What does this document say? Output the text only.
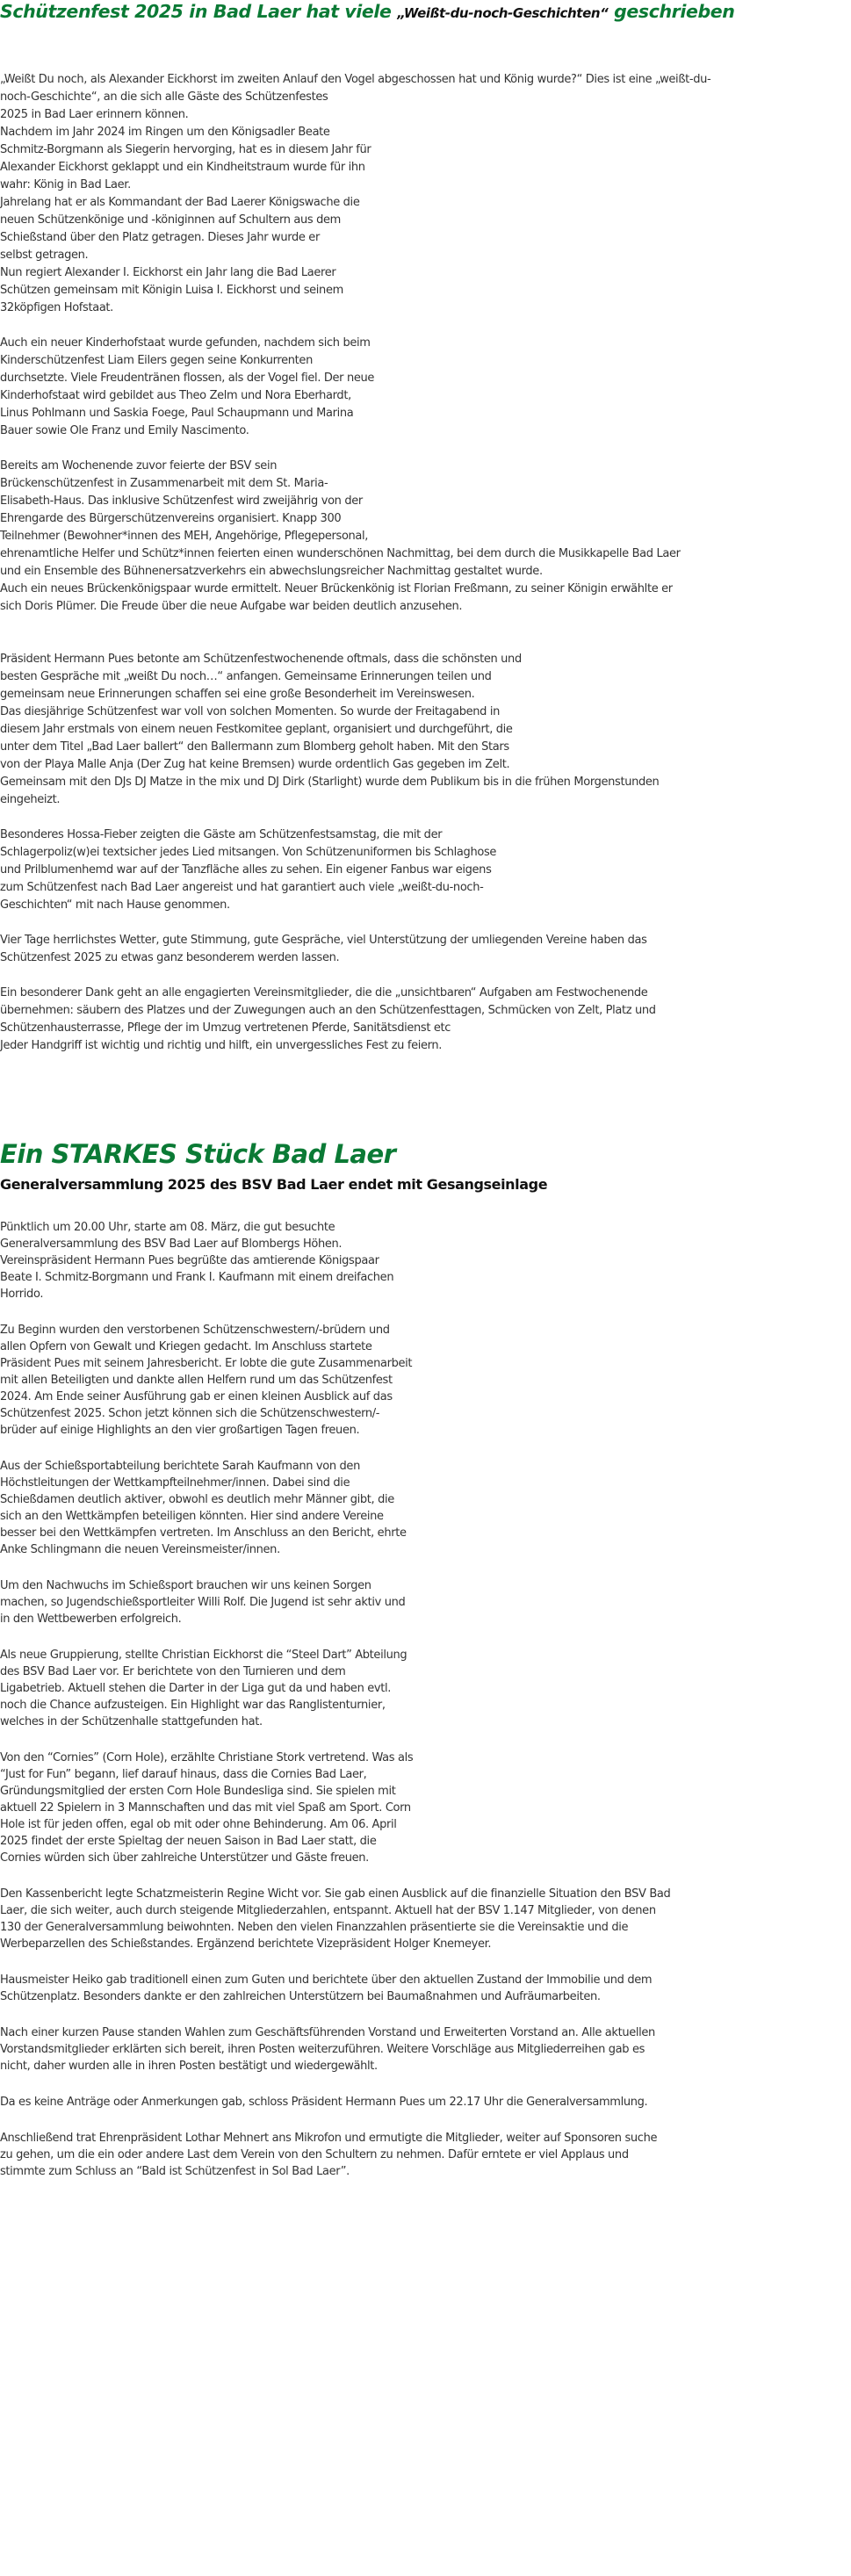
Schützenfest 2025 in Bad Laer hat viele „Weißt-du-noch-Geschichten“ geschrieben

„Weißt Du noch, als Alexander Eickhorst im zweiten Anlauf den Vogel abgeschossen hat und König wurde?“ Dies ist eine „weißt-du-
noch-Geschichte“, an die sich alle Gäste des Schützenfestes
2025 in Bad Laer erinnern können.
Nachdem im Jahr 2024 im Ringen um den Königsadler Beate
Schmitz-Borgmann als Siegerin hervorging, hat es in diesem Jahr für
Alexander Eickhorst geklappt und ein Kindheitstraum wurde für ihn
wahr: König in Bad Laer.
Jahrelang hat er als Kommandant der Bad Laerer Königswache die
neuen Schützenkönige und -königinnen auf Schultern aus dem
Schießstand über den Platz getragen. Dieses Jahr wurde er
selbst getragen.
Nun regiert Alexander I. Eickhorst ein Jahr lang die Bad Laerer
Schützen gemeinsam mit Königin Luisa I. Eickhorst und seinem
32köpfigen Hofstaat.

Auch ein neuer Kinderhofstaat wurde gefunden, nachdem sich beim
Kinderschützenfest Liam Eilers gegen seine Konkurrenten
durchsetzte. Viele Freudentränen flossen, als der Vogel fiel. Der neue
Kinderhofstaat wird gebildet aus Theo Zelm und Nora Eberhardt,
Linus Pohlmann und Saskia Foege, Paul Schaupmann und Marina
Bauer sowie Ole Franz und Emily Nascimento.

Bereits am Wochenende zuvor feierte der BSV sein
Brückenschützenfest in Zusammenarbeit mit dem St. Maria-
Elisabeth-Haus. Das inklusive Schützenfest wird zweijährig von der
Ehrengarde des Bürgerschützenvereins organisiert. Knapp 300
Teilnehmer (Bewohner*innen des MEH, Angehörige, Pflegepersonal,
ehrenamtliche Helfer und Schütz*innen feierten einen wunderschönen Nachmittag, bei dem durch die Musikkapelle Bad Laer
und ein Ensemble des Bühnenersatzverkehrs ein abwechslungsreicher Nachmittag gestaltet wurde.
Auch ein neues Brückenkönigspaar wurde ermittelt. Neuer Brückenkönig ist Florian Freßmann, zu seiner Königin erwählte er
sich Doris Plümer. Die Freude über die neue Aufgabe war beiden deutlich anzusehen.

Präsident Hermann Pues betonte am Schützenfestwochenende oftmals, dass die schönsten und
besten Gespräche mit „weißt Du noch…“ anfangen. Gemeinsame Erinnerungen teilen und
gemeinsam neue Erinnerungen schaffen sei eine große Besonderheit im Vereinswesen.
Das diesjährige Schützenfest war voll von solchen Momenten. So wurde der Freitagabend in
diesem Jahr erstmals von einem neuen Festkomitee geplant, organisiert und durchgeführt, die
unter dem Titel „Bad Laer ballert“ den Ballermann zum Blomberg geholt haben. Mit den Stars
von der Playa Malle Anja (Der Zug hat keine Bremsen) wurde ordentlich Gas gegeben im Zelt.
Gemeinsam mit den DJs DJ Matze in the mix und DJ Dirk (Starlight) wurde dem Publikum bis in die frühen Morgenstunden
eingeheizt.

Besonderes Hossa-Fieber zeigten die Gäste am Schützenfestsamstag, die mit der
Schlagerpoliz(w)ei textsicher jedes Lied mitsangen. Von Schützenuniformen bis Schlaghose
und Prilblumenhemd war auf der Tanzfläche alles zu sehen. Ein eigener Fanbus war eigens
zum Schützenfest nach Bad Laer angereist und hat garantiert auch viele „weißt-du-noch-
Geschichten“ mit nach Hause genommen.

Vier Tage herrlichstes Wetter, gute Stimmung, gute Gespräche, viel Unterstützung der umliegenden Vereine haben das
Schützenfest 2025 zu etwas ganz besonderem werden lassen.

Ein besonderer Dank geht an alle engagierten Vereinsmitglieder, die die „unsichtbaren“ Aufgaben am Festwochenende
übernehmen: säubern des Platzes und der Zuwegungen auch an den Schützenfesttagen, Schmücken von Zelt, Platz und
Schützenhausterrasse, Pflege der im Umzug vertretenen Pferde, Sanitätsdienst etc
Jeder Handgriff ist wichtig und richtig und hilft, ein unvergessliches Fest zu feiern.

Ein STARKES Stück Bad Laer
Generalversammlung 2025 des BSV Bad Laer endet mit Gesangseinlage

Pünktlich um 20.00 Uhr, starte am 08. März, die gut besuchte
Generalversammlung des BSV Bad Laer auf Blombergs Höhen.
Vereinspräsident Hermann Pues begrüßte das amtierende Königspaar
Beate I. Schmitz-Borgmann und Frank I. Kaufmann mit einem dreifachen
Horrido.

Zu Beginn wurden den verstorbenen Schützenschwestern/-brüdern und
allen Opfern von Gewalt und Kriegen gedacht. Im Anschluss startete
Präsident Pues mit seinem Jahresbericht. Er lobte die gute Zusammenarbeit
mit allen Beteiligten und dankte allen Helfern rund um das Schützenfest
2024. Am Ende seiner Ausführung gab er einen kleinen Ausblick auf das
Schützenfest 2025. Schon jetzt können sich die Schützenschwestern/-
brüder auf einige Highlights an den vier großartigen Tagen freuen.

Aus der Schießsportabteilung berichtete Sarah Kaufmann von den
Höchstleitungen der Wettkampfteilnehmer/innen. Dabei sind die
Schießdamen deutlich aktiver, obwohl es deutlich mehr Männer gibt, die
sich an den Wettkämpfen beteiligen könnten. Hier sind andere Vereine
besser bei den Wettkämpfen vertreten. Im Anschluss an den Bericht, ehrte
Anke Schlingmann die neuen Vereinsmeister/innen.

Um den Nachwuchs im Schießsport brauchen wir uns keinen Sorgen
machen, so Jugendschießsportleiter Willi Rolf. Die Jugend ist sehr aktiv und
in den Wettbewerben erfolgreich.

Als neue Gruppierung, stellte Christian Eickhorst die “Steel Dart” Abteilung
des BSV Bad Laer vor. Er berichtete von den Turnieren und dem
Ligabetrieb. Aktuell stehen die Darter in der Liga gut da und haben evtl.
noch die Chance aufzusteigen. Ein Highlight war das Ranglistenturnier,
welches in der Schützenhalle stattgefunden hat.

Von den “Cornies” (Corn Hole), erzählte Christiane Stork vertretend. Was als
“Just for Fun” begann, lief darauf hinaus, dass die Cornies Bad Laer,
Gründungsmitglied der ersten Corn Hole Bundesliga sind. Sie spielen mit
aktuell 22 Spielern in 3 Mannschaften und das mit viel Spaß am Sport. Corn
Hole ist für jeden offen, egal ob mit oder ohne Behinderung. Am 06. April
2025 findet der erste Spieltag der neuen Saison in Bad Laer statt, die
Cornies würden sich über zahlreiche Unterstützer und Gäste freuen.

Den Kassenbericht legte Schatzmeisterin Regine Wicht vor. Sie gab einen Ausblick auf die finanzielle Situation den BSV Bad
Laer, die sich weiter, auch durch steigende Mitgliederzahlen, entspannt. Aktuell hat der BSV 1.147 Mitglieder, von denen
130 der Generalversammlung beiwohnten. Neben den vielen Finanzzahlen präsentierte sie die Vereinsaktie und die
Werbeparzellen des Schießstandes. Ergänzend berichtete Vizepräsident Holger Knemeyer.

Hausmeister Heiko gab traditionell einen zum Guten und berichtete über den aktuellen Zustand der Immobilie und dem
Schützenplatz. Besonders dankte er den zahlreichen Unterstützern bei Baumaßnahmen und Aufräumarbeiten.

Nach einer kurzen Pause standen Wahlen zum Geschäftsführenden Vorstand und Erweiterten Vorstand an. Alle aktuellen
Vorstandsmitglieder erklärten sich bereit, ihren Posten weiterzuführen. Weitere Vorschläge aus Mitgliederreihen gab es
nicht, daher wurden alle in ihren Posten bestätigt und wiedergewählt.

Da es keine Anträge oder Anmerkungen gab, schloss Präsident Hermann Pues um 22.17 Uhr die Generalversammlung.

Anschließend trat Ehrenpräsident Lothar Mehnert ans Mikrofon und ermutigte die Mitglieder, weiter auf Sponsoren suche
zu gehen, um die ein oder andere Last dem Verein von den Schultern zu nehmen. Dafür erntete er viel Applaus und
stimmte zum Schluss an “Bald ist Schützenfest in Sol Bad Laer”.
